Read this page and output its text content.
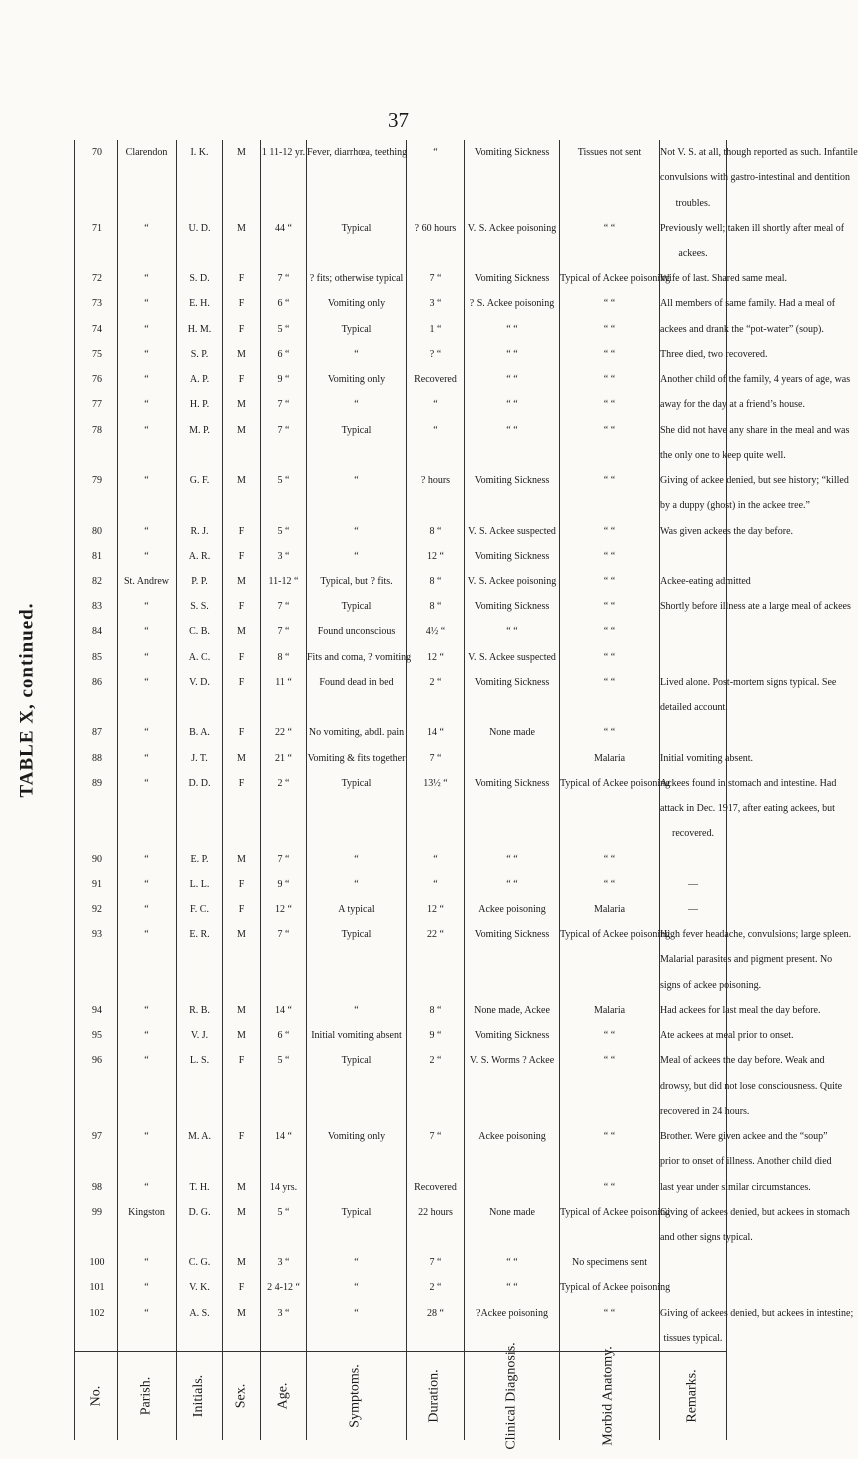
TABLE X, continued.
37
70
71
72
73
74
75
76
77
78
79
80
81
82
83
84
85
86
87
88
89
90
91
92
93
94
95
96
97
98
99
100
101
102
No.
Clarendon
“
“
“
“
“
“
“
“
“
“
“
St. Andrew
“
“
“
“
“
“
“
“
“
“
“
“
“
“
“
“
Kingston
“
“
“
Parish.
I. K.
U. D.
S. D.
E. H.
H. M.
S. P.
A. P.
H. P.
M. P.
G. F.
R. J.
A. R.
P. P.
S. S.
C. B.
A. C.
V. D.
B. A.
J. T.
D. D.
E. P.
L. L.
F. C.
E. R.
R. B.
V. J.
L. S.
M. A.
T. H.
D. G.
C. G.
V. K.
A. S.
Initials.
M
M
F
F
F
M
F
M
M
M
F
F
M
F
M
F
F
F
M
F
M
F
F
M
M
M
F
F
M
M
M
F
M
Sex.
1 11-12 yr.
44 “
7 “
6 “
5 “
6 “
9 “
7 “
7 “
5 “
5 “
3 “
11-12 “
7 “
7 “
8 “
11 “
22 “
21 “
2 “
7 “
9 “
12 “
7 “
14 “
6 “
5 “
14 “
14 yrs.
5 “
3 “
2 4-12 “
3 “
Age.
Fever, diarrhœa, teething
Typical
? fits; otherwise typical
Vomiting only
Typical
“
Vomiting only
“
Typical
“
“
“
Typical, but ? fits.
Typical
Found unconscious
Fits and coma, ? vomiting
Found dead in bed
No vomiting, abdl. pain
Vomiting & fits together
Typical
“
“
A typical
Typical
“
Initial vomiting absent
Typical
Vomiting only
Typical
“
“
“
Symptoms.
“
? 60 hours
7 “
3 “
1 “
? “
Recovered
“
“
? hours
8 “
12 “
8 “
8 “
4½ “
12 “
2 “
14 “
7 “
13½ “
“
“
12 “
22 “
8 “
9 “
2 “
7 “
Recovered
22 hours
7 “
2 “
28 “
Duration.
Vomiting Sickness
V. S. Ackee poisoning
Vomiting Sickness
? S. Ackee poisoning
“ “
“ “
“ “
“ “
“ “
Vomiting Sickness
V. S. Ackee suspected
Vomiting Sickness
V. S. Ackee poisoning
Vomiting Sickness
“ “
V. S. Ackee suspected
Vomiting Sickness
None made
Vomiting Sickness
“ “
“ “
Ackee poisoning
Vomiting Sickness
None made, Ackee
Vomiting Sickness
V. S. Worms ? Ackee
Ackee poisoning
None made
“ “
“ “
?Ackee poisoning
Clinical Diagnosis.
Tissues not sent
“ “
Typical of Ackee poisoning
“ “
“ “
“ “
“ “
“ “
“ “
“ “
“ “
“ “
“ “
“ “
“ “
“ “
“ “
“ “
Malaria
Typical of Ackee poisoning
“ “
“ “
Malaria
Typical of Ackee poisoning
Malaria
“ “
“ “
“ “
“ “
Typical of Ackee poisoning
No specimens sent
Typical of Ackee poisoning
“ “
Morbid Anatomy.
Not V. S. at all, though reported as such. Infantile
convulsions with gastro-intestinal and dentition
troubles.
Previously well; taken ill shortly after meal of
ackees.
Wife of last. Shared same meal.
All members of same family. Had a meal of
ackees and drank the “pot-water” (soup).
Three died, two recovered.
Another child of the family, 4 years of age, was
away for the day at a friend’s house.
She did not have any share in the meal and was
the only one to keep quite well.
Giving of ackee denied, but see history; “killed
by a duppy (ghost) in the ackee tree.”
Was given ackees the day before.
Ackee-eating admitted
Shortly before illness ate a large meal of ackees
Lived alone. Post-mortem signs typical. See
detailed account.
Initial vomiting absent.
Ackees found in stomach and intestine. Had
attack in Dec. 1917, after eating ackees, but
recovered.
—
—
High fever headache, convulsions; large spleen.
Malarial parasites and pigment present. No
signs of ackee poisoning.
Had ackees for last meal the day before.
Ate ackees at meal prior to onset.
Meal of ackees the day before. Weak and
drowsy, but did not lose consciousness. Quite
recovered in 24 hours.
Brother. Were given ackee and the “soup”
prior to onset of illness. Another child died
last year under similar circumstances.
Giving of ackees denied, but ackees in stomach
and other signs typical.
Giving of ackees denied, but ackees in intestine;
tissues typical.
Remarks.
